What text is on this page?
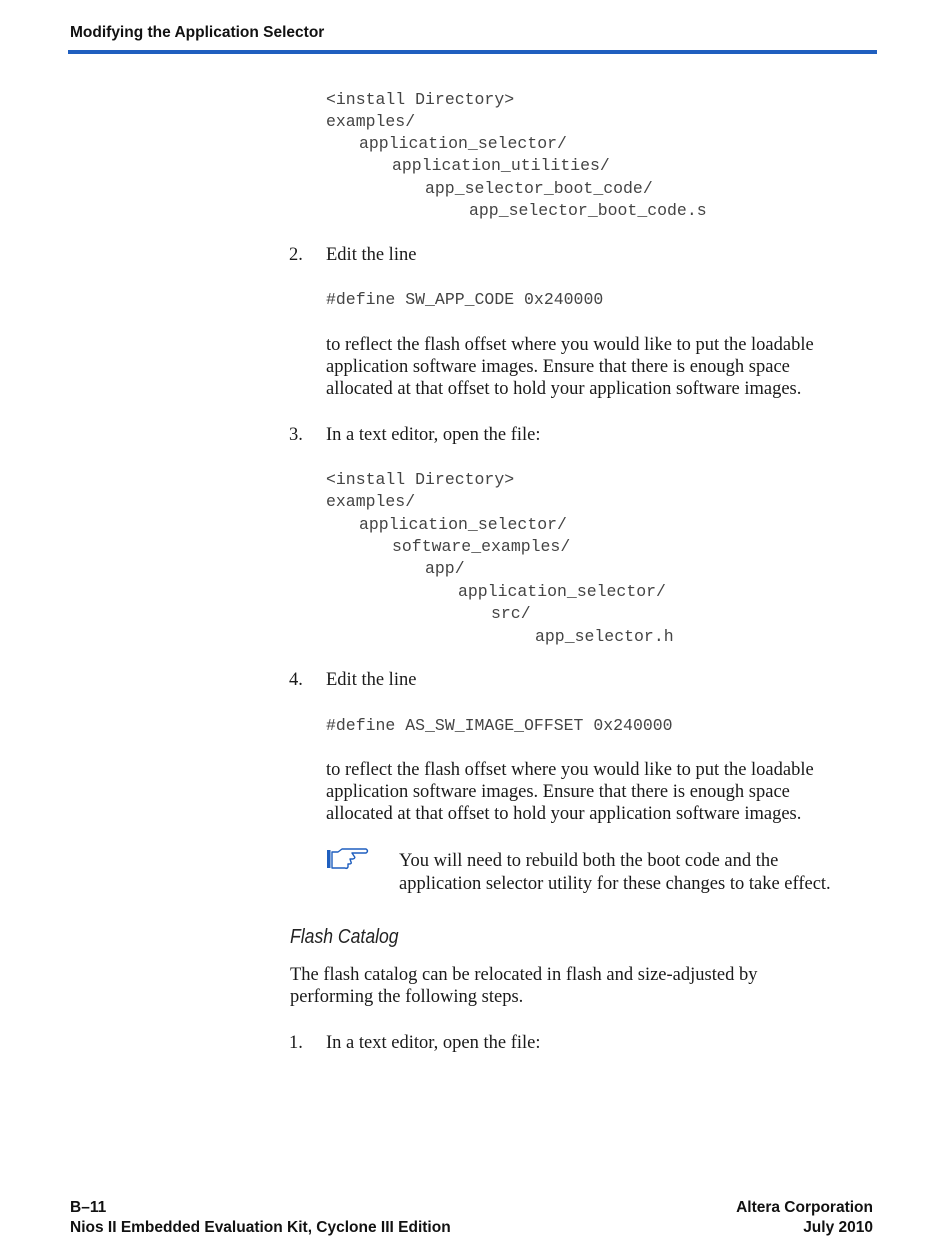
Modifying the Application Selector
<install Directory>
examples/
application_selector/
application_utilities/
app_selector_boot_code/
app_selector_boot_code.s
2. Edit the line
#define SW_APP_CODE 0x240000
to reflect the flash offset where you would like to put the loadable
application software images. Ensure that there is enough space
allocated at that offset to hold your application software images.
3. In a text editor, open the file:
<install Directory>
examples/
application_selector/
software_examples/
app/
application_selector/
src/
app_selector.h
4. Edit the line
#define AS_SW_IMAGE_OFFSET 0x240000
to reflect the flash offset where you would like to put the loadable
application software images. Ensure that there is enough space
allocated at that offset to hold your application software images.
You will need to rebuild both the boot code and the
application selector utility for these changes to take effect.
Flash Catalog
The flash catalog can be relocated in flash and size-adjusted by
performing the following steps.
1. In a text editor, open the file:
B–11
Nios II Embedded Evaluation Kit, Cyclone III Edition
Altera Corporation
July 2010
